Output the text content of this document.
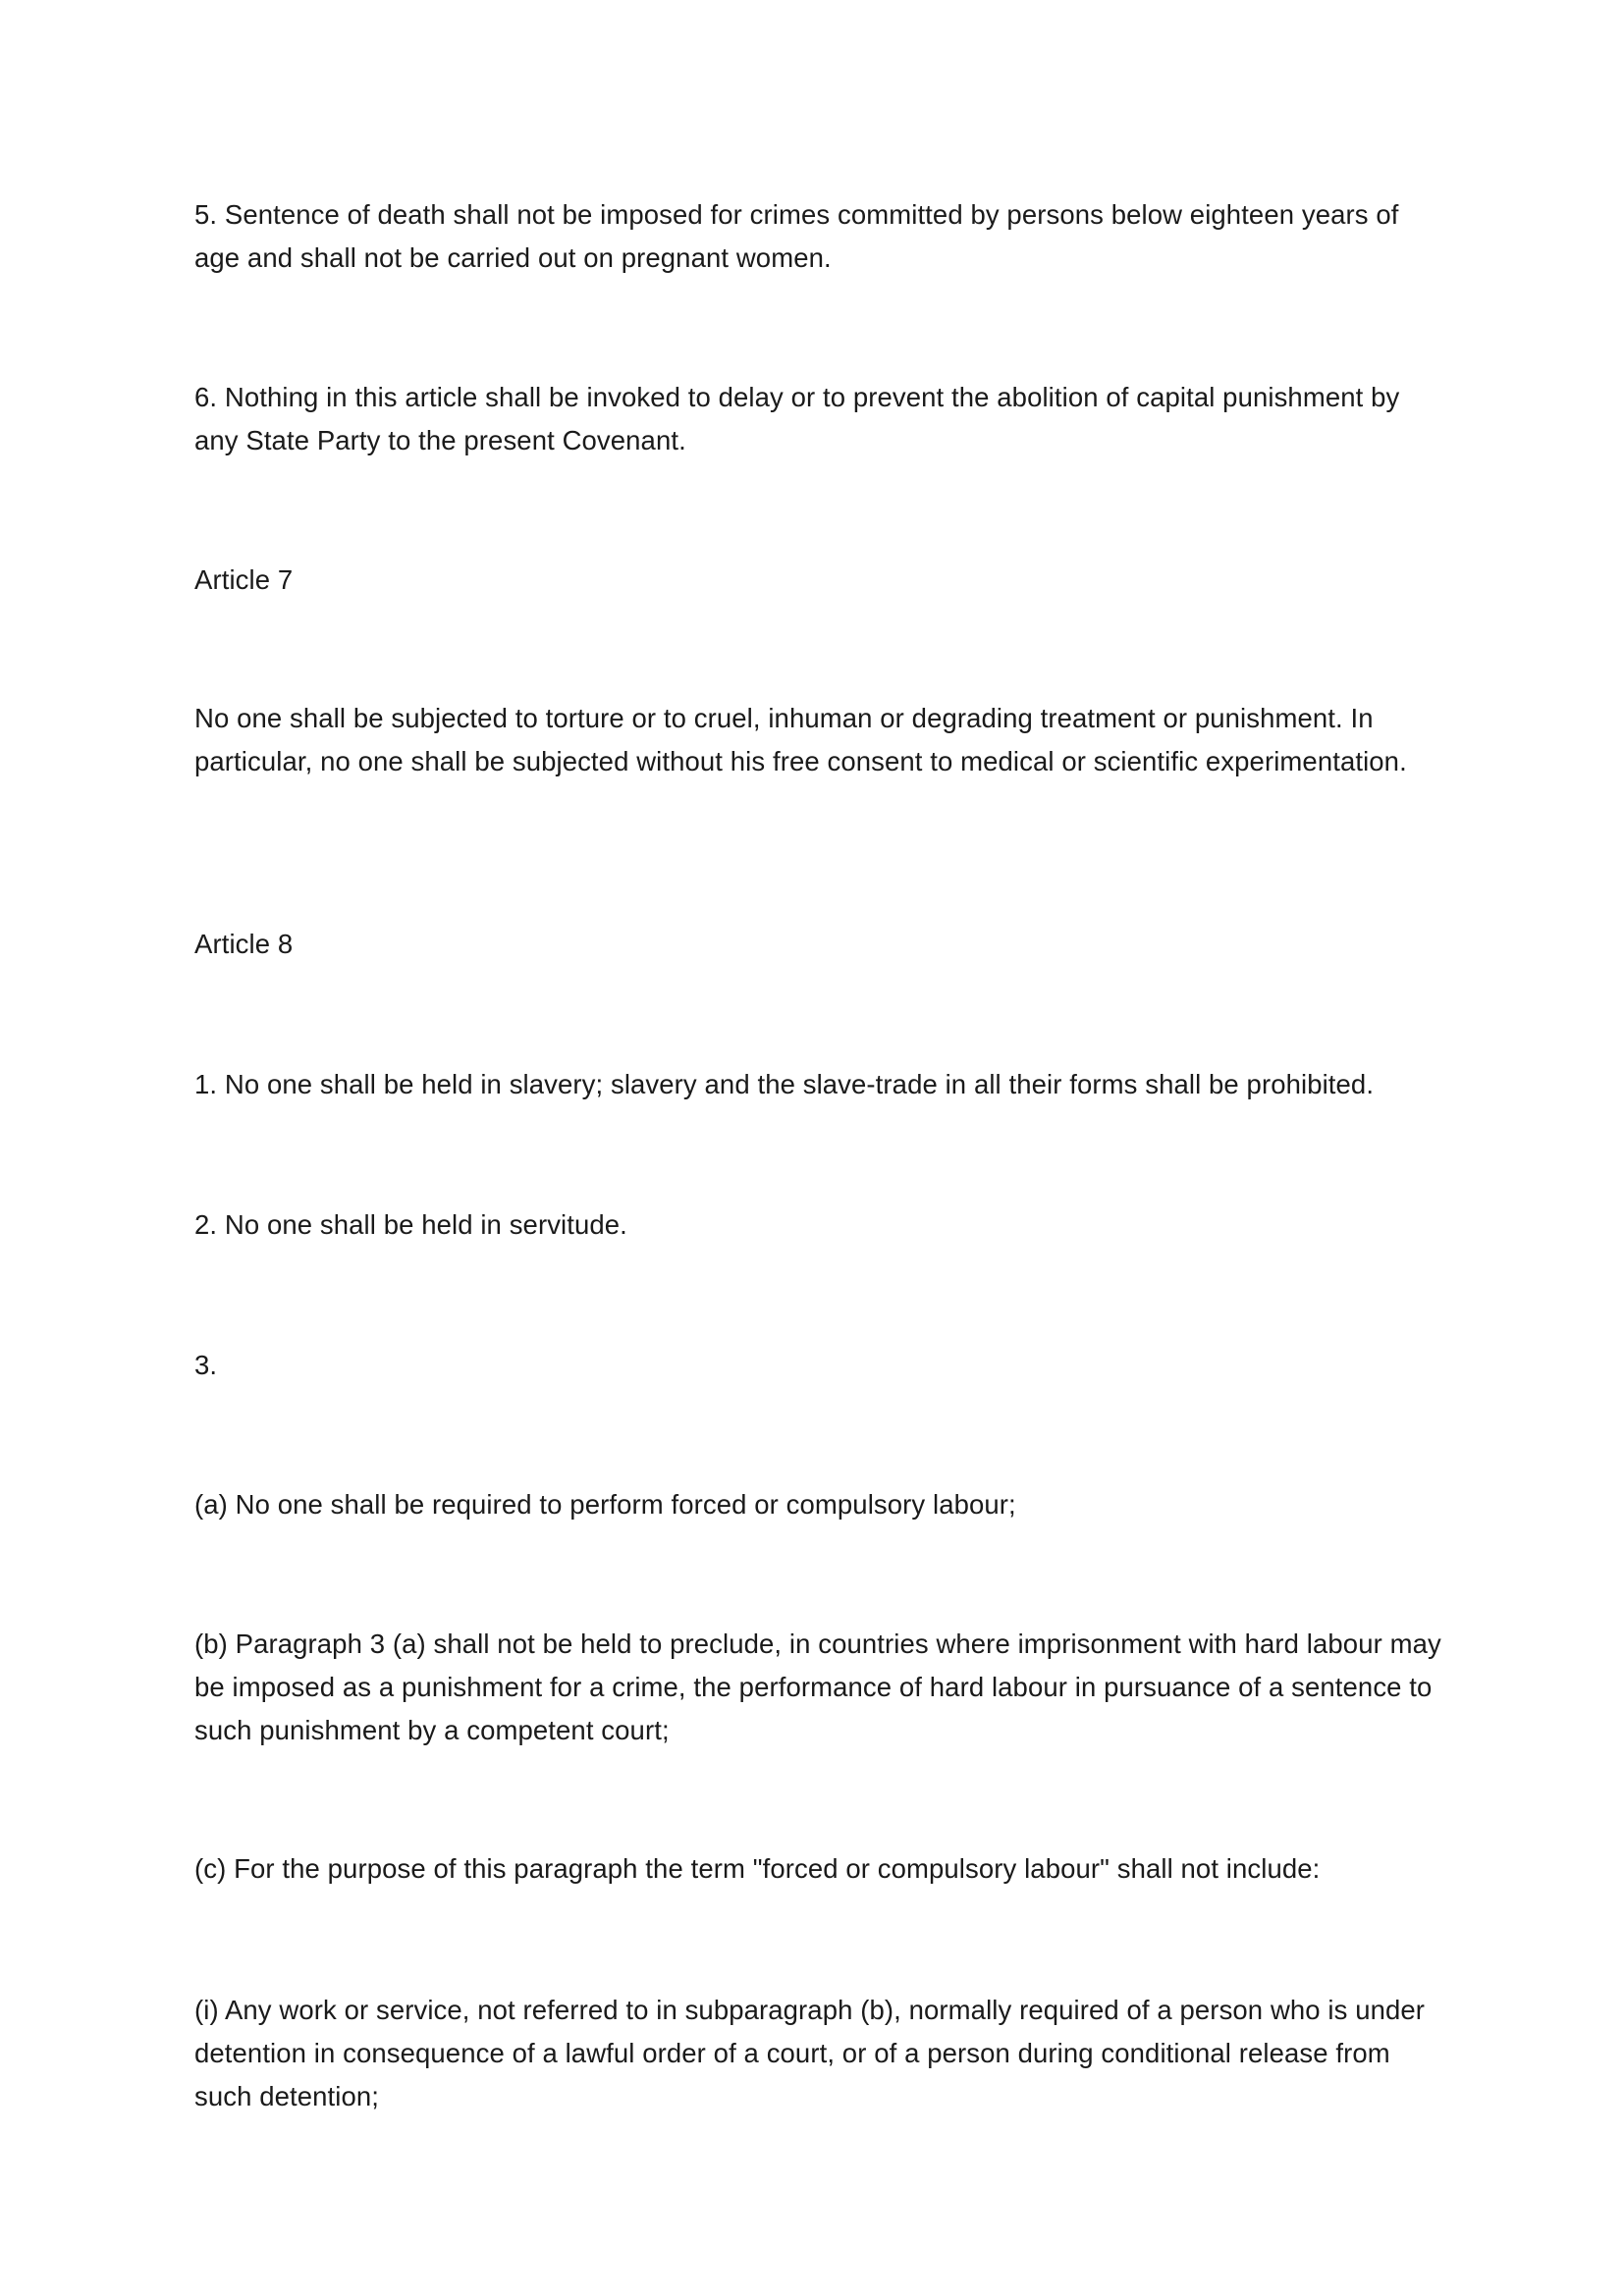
5. Sentence of death shall not be imposed for crimes committed by persons below eighteen years of age and shall not be carried out on pregnant women.

6. Nothing in this article shall be invoked to delay or to prevent the abolition of capital punishment by any State Party to the present Covenant.

Article 7

No one shall be subjected to torture or to cruel, inhuman or degrading treatment or punishment. In particular, no one shall be subjected without his free consent to medical or scientific experimentation.

Article 8

1. No one shall be held in slavery; slavery and the slave-trade in all their forms shall be prohibited.

2. No one shall be held in servitude.

3.

(a) No one shall be required to perform forced or compulsory labour;

(b) Paragraph 3 (a) shall not be held to preclude, in countries where imprisonment with hard labour may be imposed as a punishment for a crime, the performance of hard labour in pursuance of a sentence to such punishment by a competent court;

(c) For the purpose of this paragraph the term "forced or compulsory labour" shall not include:

(i) Any work or service, not referred to in subparagraph (b), normally required of a person who is under detention in consequence of a lawful order of a court, or of a person during conditional release from such detention;
